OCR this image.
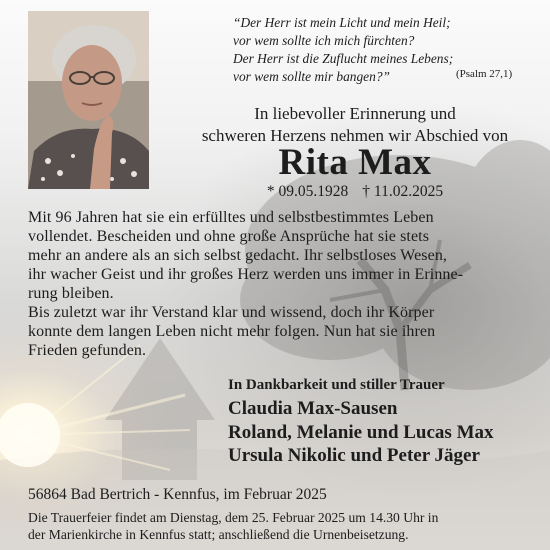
“Der Herr ist mein Licht und mein Heil;
vor wem sollte ich mich fürchten?
Der Herr ist die Zuflucht meines Lebens;
vor wem sollte mir bangen?”	(Psalm 27,1)
In liebevoller Erinnerung und
schweren Herzens nehmen wir Abschied von
Rita Max
* 09.05.1928 † 11.02.2025
Mit 96 Jahren hat sie ein erfülltes und selbstbestimmtes Leben
vollendet. Bescheiden und ohne große Ansprüche hat sie stets
mehr an andere als an sich selbst gedacht. Ihr selbstloses Wesen,
ihr wacher Geist und ihr großes Herz werden uns immer in Erinne-
rung bleiben.
Bis zuletzt war ihr Verstand klar und wissend, doch ihr Körper
konnte dem langen Leben nicht mehr folgen. Nun hat sie ihren
Frieden gefunden.
In Dankbarkeit und stiller Trauer
Claudia Max-Sausen
Roland, Melanie und Lucas Max
Ursula Nikolic und Peter Jäger
56864 Bad Bertrich - Kennfus, im Februar 2025
Die Trauerfeier findet am Dienstag, dem 25. Februar 2025 um 14.30 Uhr in
der Marienkirche in Kennfus statt; anschließend die Urnenbeisetzung.
